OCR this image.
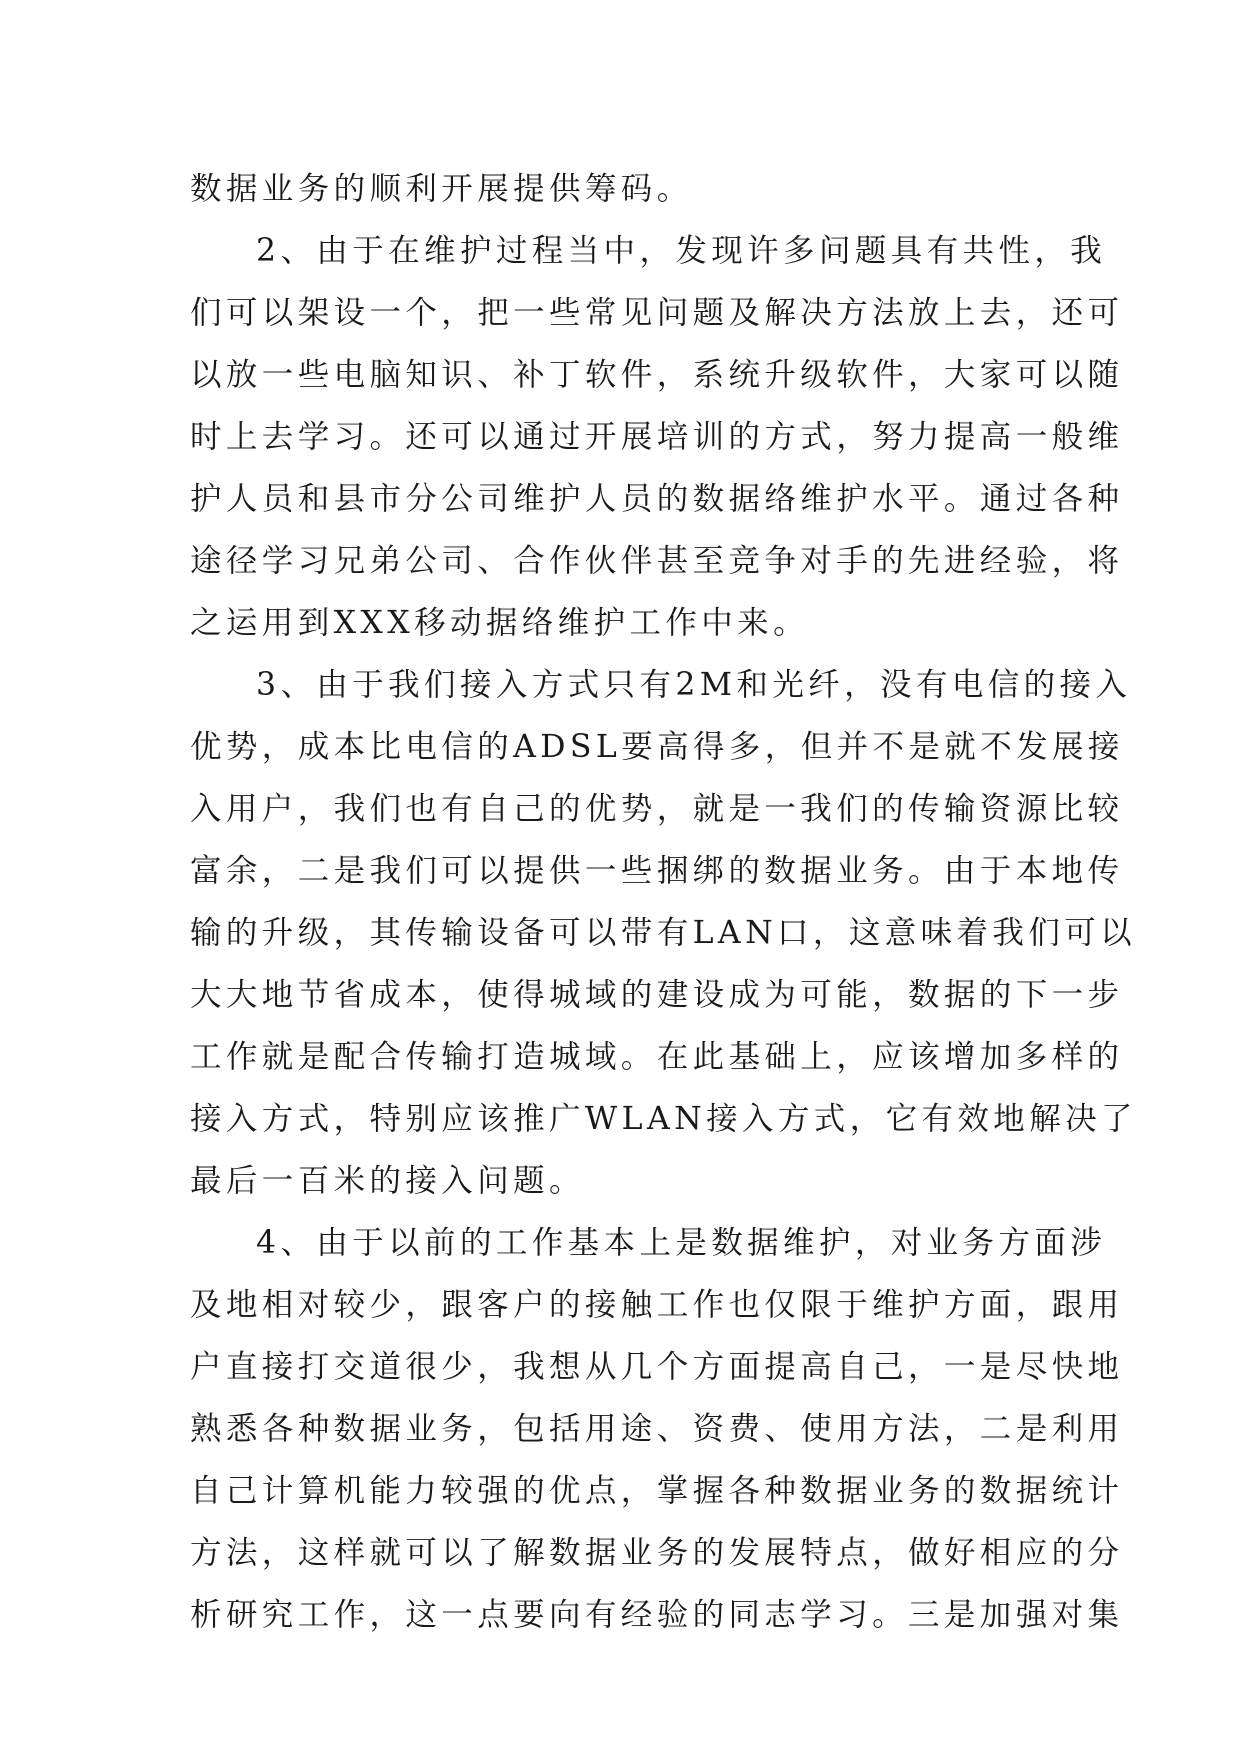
数据业务的顺利开展提供筹码。
2、由于在维护过程当中，发现许多问题具有共性，我
们可以架设一个，把一些常见问题及解决方法放上去，还可
以放一些电脑知识、补丁软件，系统升级软件，大家可以随
时上去学习。还可以通过开展培训的方式，努力提高一般维
护人员和县市分公司维护人员的数据络维护水平。通过各种
途径学习兄弟公司、合作伙伴甚至竞争对手的先进经验，将
之运用到XXX移动据络维护工作中来。
3、由于我们接入方式只有2M和光纤，没有电信的接入
优势，成本比电信的ADSL要高得多，但并不是就不发展接
入用户，我们也有自己的优势，就是一我们的传输资源比较
富余，二是我们可以提供一些捆绑的数据业务。由于本地传
输的升级，其传输设备可以带有LAN口，这意味着我们可以
大大地节省成本，使得城域的建设成为可能，数据的下一步
工作就是配合传输打造城域。在此基础上，应该增加多样的
接入方式，特别应该推广WLAN接入方式，它有效地解决了
最后一百米的接入问题。
4、由于以前的工作基本上是数据维护，对业务方面涉
及地相对较少，跟客户的接触工作也仅限于维护方面，跟用
户直接打交道很少，我想从几个方面提高自己，一是尽快地
熟悉各种数据业务，包括用途、资费、使用方法，二是利用
自己计算机能力较强的优点，掌握各种数据业务的数据统计
方法，这样就可以了解数据业务的发展特点，做好相应的分
析研究工作，这一点要向有经验的同志学习。三是加强对集
